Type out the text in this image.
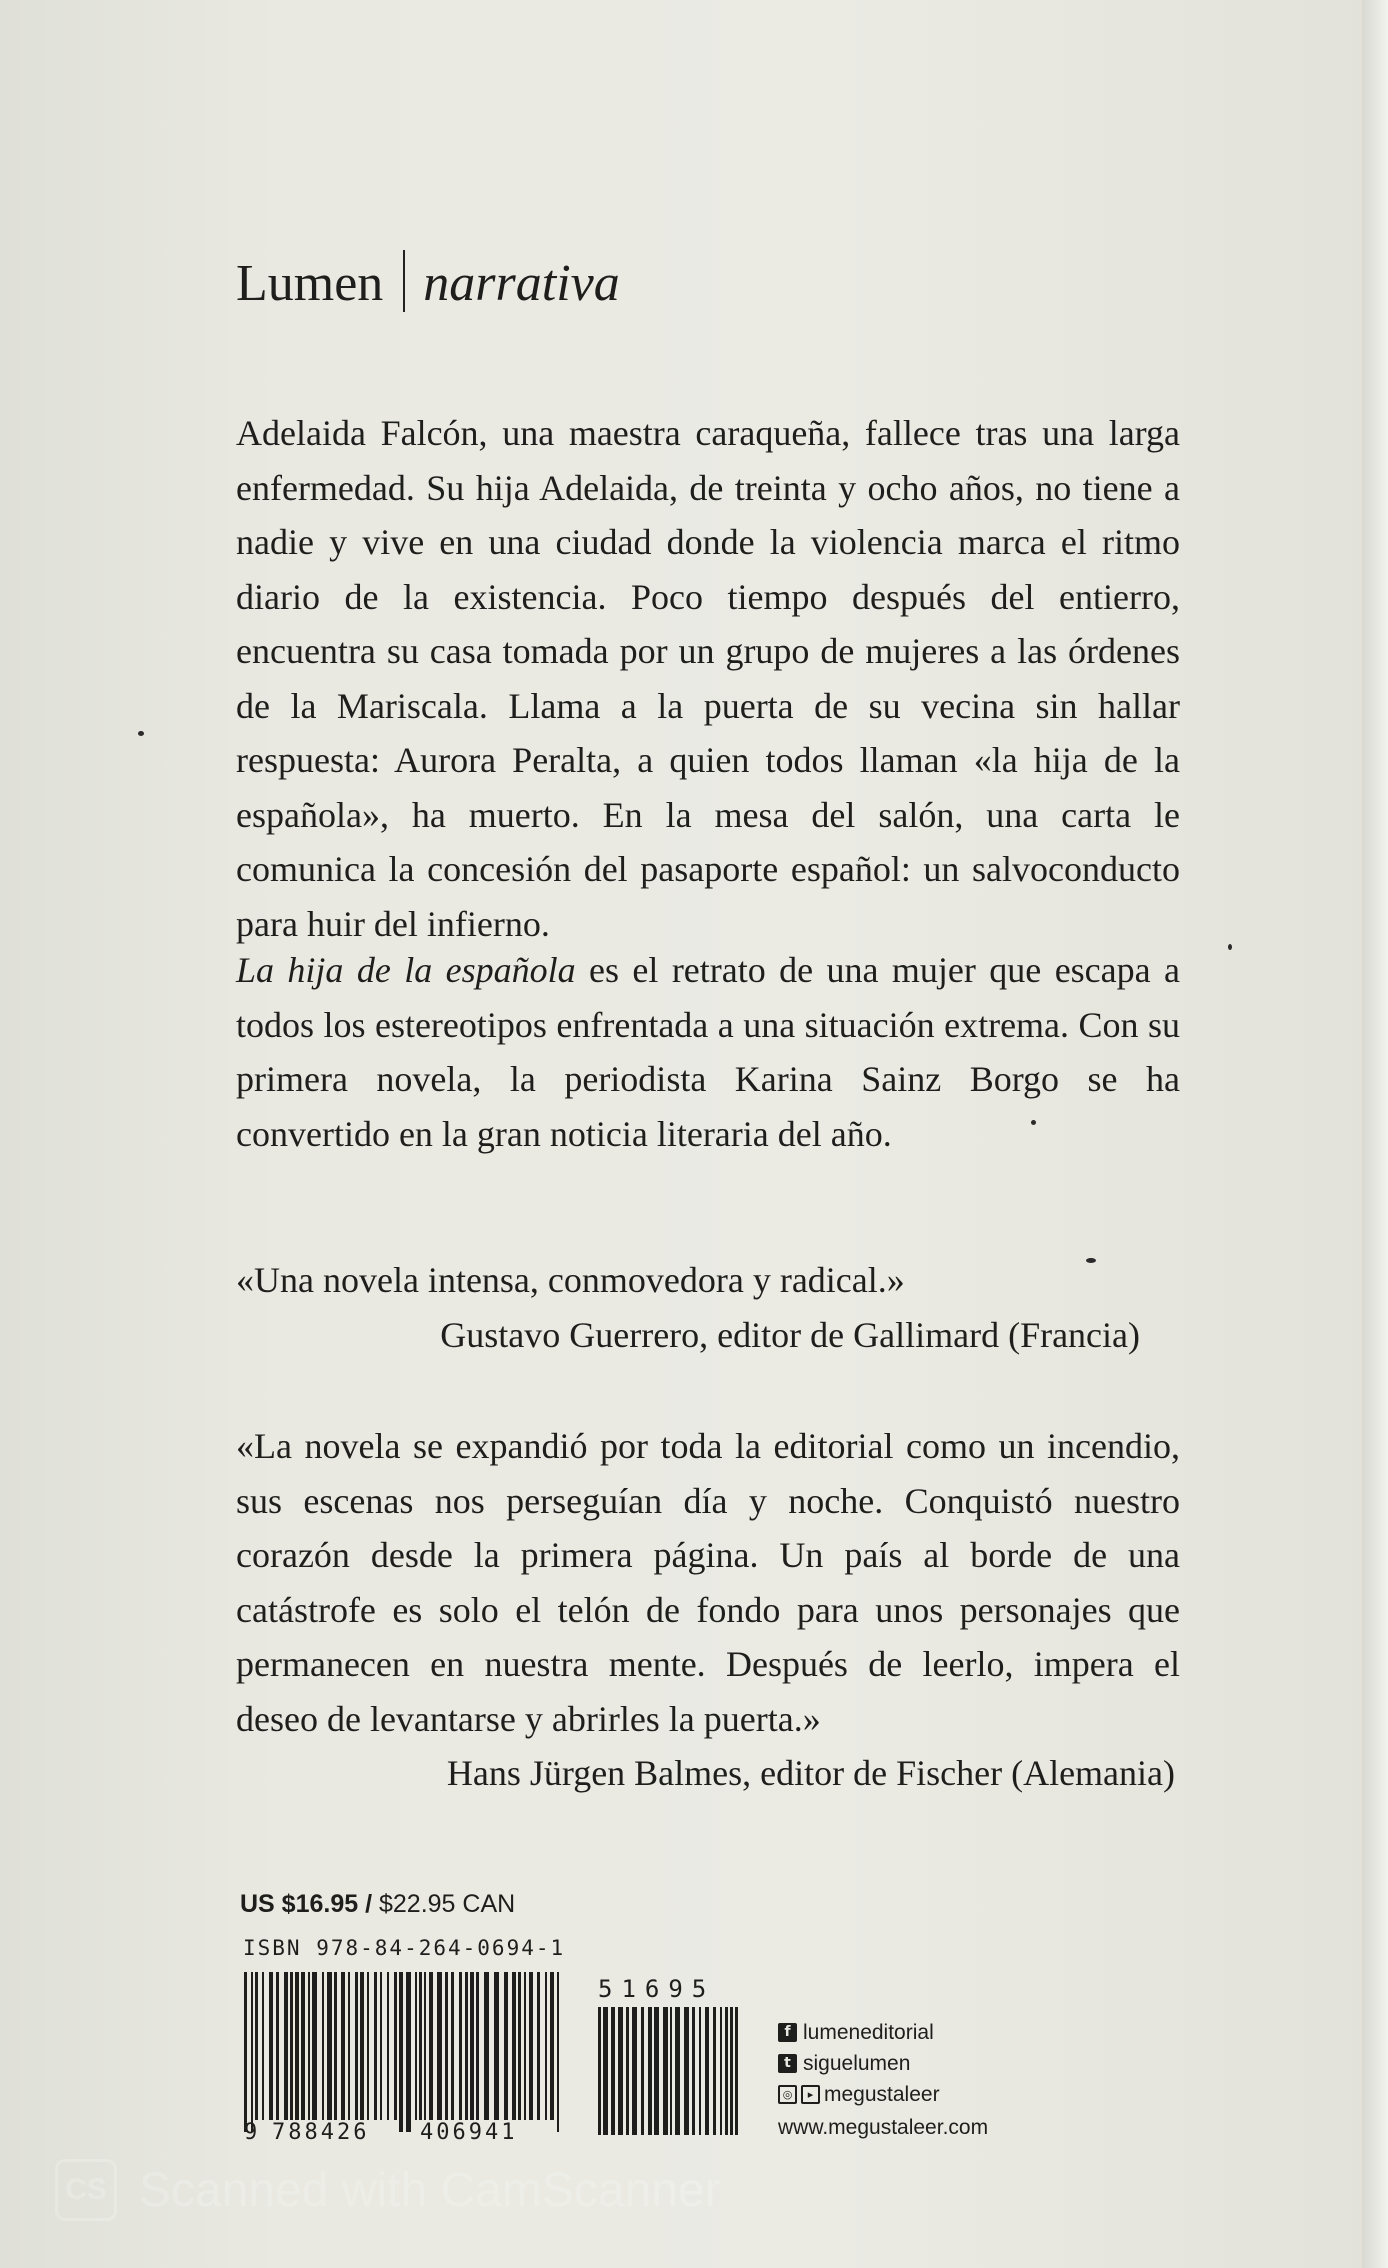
Lumen narrativa
Adelaida Falcón, una maestra caraqueña, fallece tras una larga enfermedad. Su hija Adelaida, de treinta y ocho años, no tiene a nadie y vive en una ciudad donde la violencia marca el ritmo diario de la existencia. Poco tiempo después del entierro, encuentra su casa tomada por un grupo de mujeres a las órdenes de la Mariscala. Llama a la puerta de su vecina sin hallar respuesta: Aurora Peralta, a quien todos llaman «la hija de la española», ha muerto. En la mesa del salón, una carta le comunica la concesión del pasaporte español: un salvoconducto para huir del infierno.
La hija de la española es el retrato de una mujer que escapa a todos los estereotipos enfrentada a una situación extrema. Con su primera novela, la periodista Karina Sainz Borgo se ha convertido en la gran noticia literaria del año.
«Una novela intensa, conmovedora y radical.»
Gustavo Guerrero, editor de Gallimard (Francia)
«La novela se expandió por toda la editorial como un incendio, sus escenas nos perseguían día y noche. Conquistó nuestro corazón desde la primera página. Un país al borde de una catástrofe es solo el telón de fondo para unos personajes que permanecen en nuestra mente. Después de leerlo, impera el deseo de levantarse y abrirles la puerta.»
Hans Jürgen Balmes, editor de Fischer (Alemania)
US $16.95 / $22.95 CAN
ISBN 978-84-264-0694-1
9 788426 406941
51695
f lumeneditorial
t siguelumen
◎	▸ megustaleer
www.megustaleer.com
CS Scanned with CamScanner
